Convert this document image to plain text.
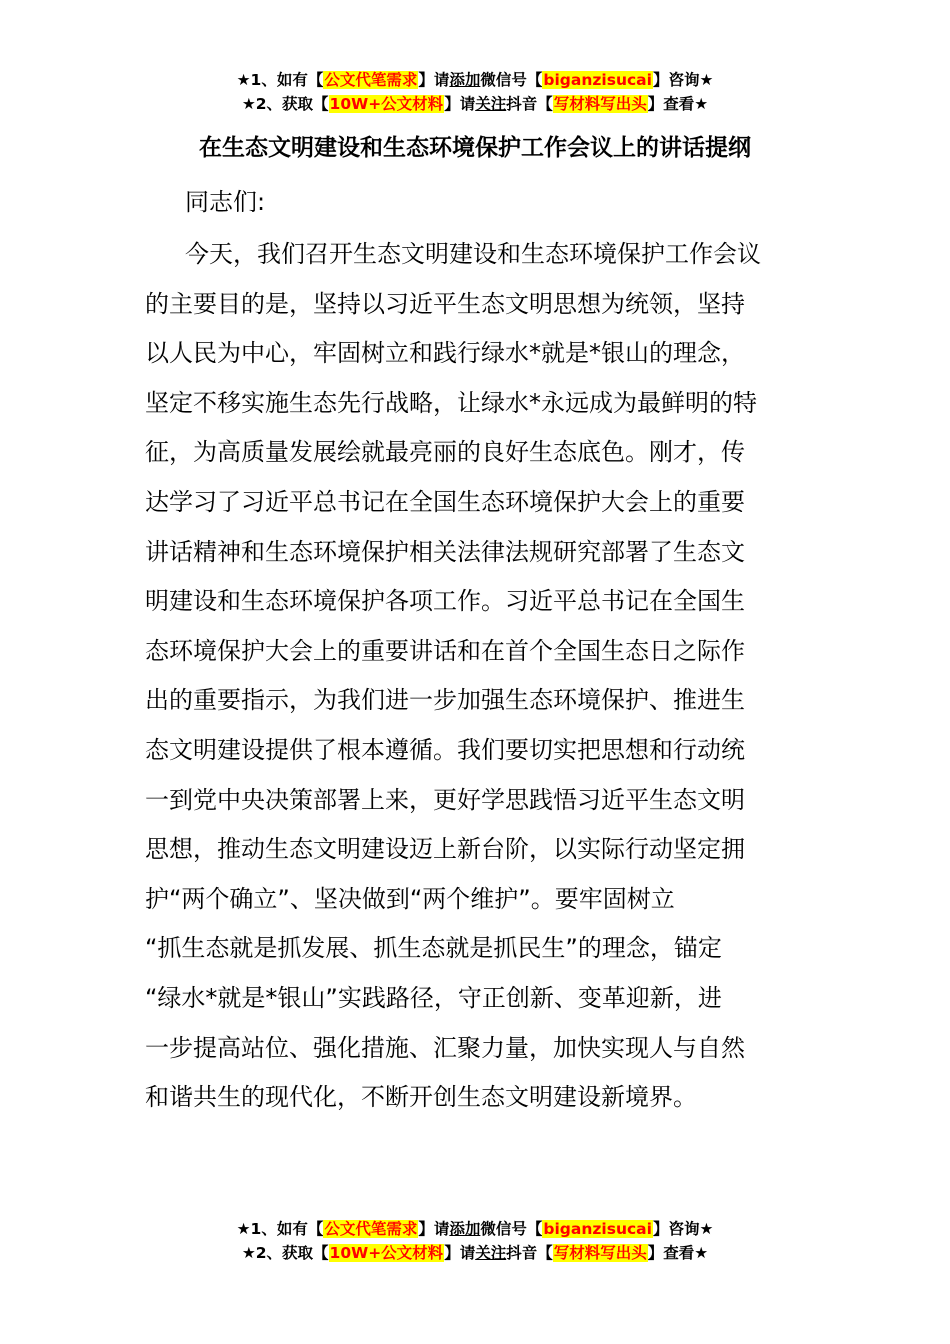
★1、如有【公文代笔需求】请添加微信号【biganzisucai】咨询★
★2、获取【10W+公文材料】请关注抖音【写材料写出头】查看★
在生态文明建设和生态环境保护工作会议上的讲话提纲
同志们:
今天，我们召开生态文明建设和生态环境保护工作会议
的主要目的是，坚持以习近平生态文明思想为统领，坚持
以人民为中心，牢固树立和践行绿水*就是*银山的理念，
坚定不移实施生态先行战略，让绿水*永远成为最鲜明的特
征，为高质量发展绘就最亮丽的良好生态底色。刚才，传
达学习了习近平总书记在全国生态环境保护大会上的重要
讲话精神和生态环境保护相关法律法规研究部署了生态文
明建设和生态环境保护各项工作。习近平总书记在全国生
态环境保护大会上的重要讲话和在首个全国生态日之际作
出的重要指示，为我们进一步加强生态环境保护、推进生
态文明建设提供了根本遵循。我们要切实把思想和行动统
一到党中央决策部署上来，更好学思践悟习近平生态文明
思想，推动生态文明建设迈上新台阶，以实际行动坚定拥
护“两个确立”、坚决做到“两个维护”。要牢固树立
“抓生态就是抓发展、抓生态就是抓民生”的理念，锚定
“绿水*就是*银山”实践路径，守正创新、变革迎新，进
一步提高站位、强化措施、汇聚力量，加快实现人与自然
和谐共生的现代化，不断开创生态文明建设新境界。
★1、如有【公文代笔需求】请添加微信号【biganzisucai】咨询★
★2、获取【10W+公文材料】请关注抖音【写材料写出头】查看★
